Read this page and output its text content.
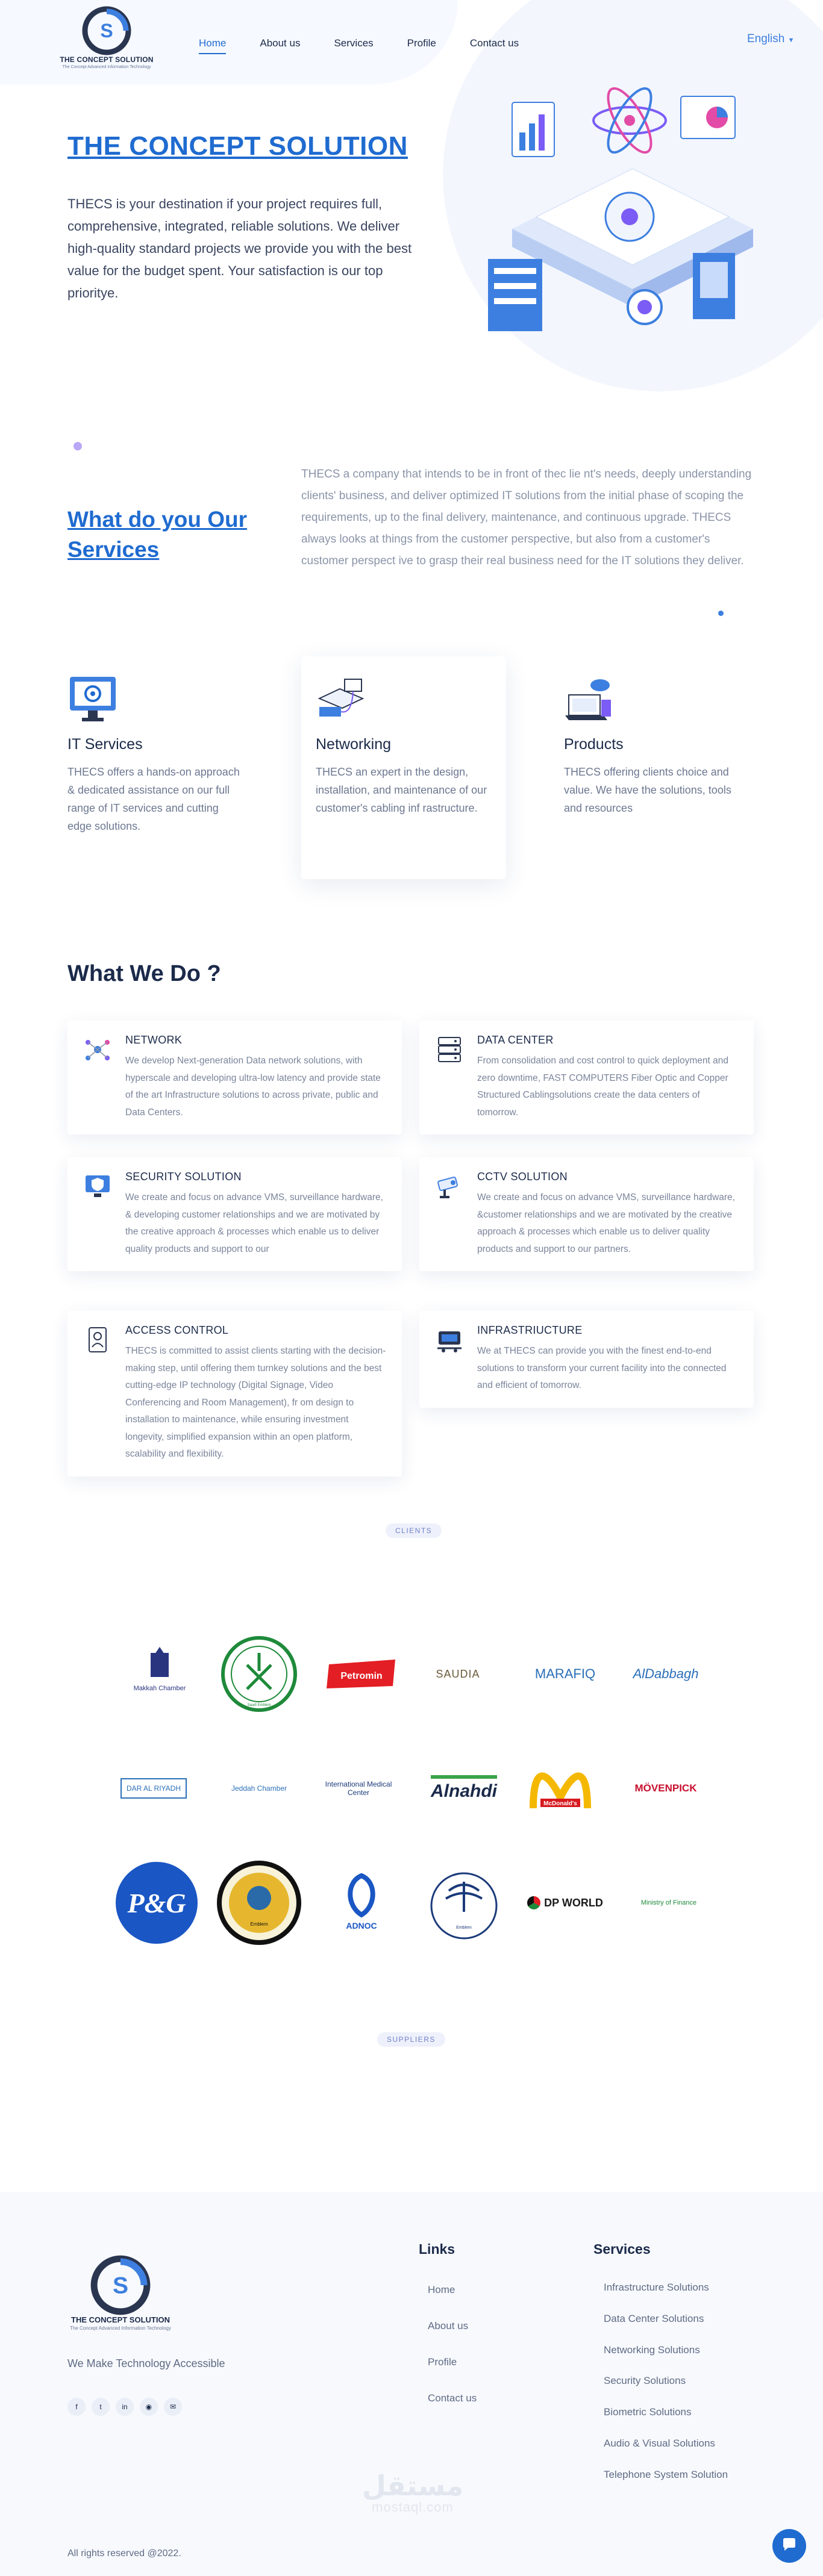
S
THE CONCEPT SOLUTION
The Concept Advanced Information Technology
Home	About us	Services	Profile	Contact us	English ▼
THE CONCEPT SOLUTION

THECS is your destination if your project requires full, comprehensive, integrated, reliable solutions. We deliver high-quality standard projects we provide you with the best value for the budget spent. Your satisfaction is our top prioritye.

What do you Our Services

THECS a company that intends to be in front of thec lie nt's needs, deeply understanding clients' business, and deliver optimized IT solutions from the initial phase of scoping the requirements, up to the final delivery, maintenance, and continuous upgrade. THECS always looks at things from the customer perspective, but also from a customer's customer perspect ive to grasp their real business need for the IT solutions they deliver.

IT Services

THECS offers a hands-on approach & dedicated assistance on our full range of IT services and cutting edge solutions.

Networking

THECS an expert in the design, installation, and maintenance of our customer's cabling inf rastructure.

Products

THECS offering clients choice and value. We have the solutions, tools and resources

What We Do ?
NETWORK

We develop Next-generation Data network solutions, with hyperscale and developing ultra-low latency and provide state of the art Infrastructure solutions to across private, public and Data Centers.

DATA CENTER

From consolidation and cost control to quick deployment and zero downtime, FAST COMPUTERS Fiber Optic and Copper Structured Cablingsolutions create the data centers of tomorrow.

SECURITY SOLUTION

We create and focus on advance VMS, surveillance hardware, & developing customer relationships and we are motivated by the creative approach & processes which enable us to deliver quality products and support to our

CCTV SOLUTION

We create and focus on advance VMS, surveillance hardware, &customer relationships and we are motivated by the creative approach & processes which enable us to deliver quality products and support to our partners.

ACCESS CONTROL

THECS is committed to assist clients starting with the decision-making step, until offering them turnkey solutions and the best cutting-edge IP technology (Digital Signage, Video Conferencing and Room Management), fr om design to installation to maintenance, while ensuring investment longevity, simplified expansion within an open platform, scalability and flexibility.

INFRASTRIUCTURE

We at THECS can provide you with the finest end-to-end solutions to transform your current facility into the connected and efficient of tomorrow.

CLIENTS
Makkah Chamber
Saudi Emblem
Petromin	SAUDIA	MARAFIQ	AlDabbagh
DAR AL RIYADH	Jeddah Chamber	International Medical Center	Alnahdi
McDonald's
MÖVENPICK
P&G
Emblem	ADNOC	Emblem
DP WORLD	Ministry of Finance
SUPPLIERS
S
THE CONCEPT SOLUTION
The Concept Advanced Information Technology
We Make Technology Accessible
f	t	in	◉	✉
Links
Home
About us
Profile
Contact us
Services
Infrastructure Solutions
Data Center Solutions
Networking Solutions
Security Solutions
Biometric Solutions
Audio & Visual Solutions
Telephone System Solution
مستقل
mostaql.com
All rights reserved @2022.
